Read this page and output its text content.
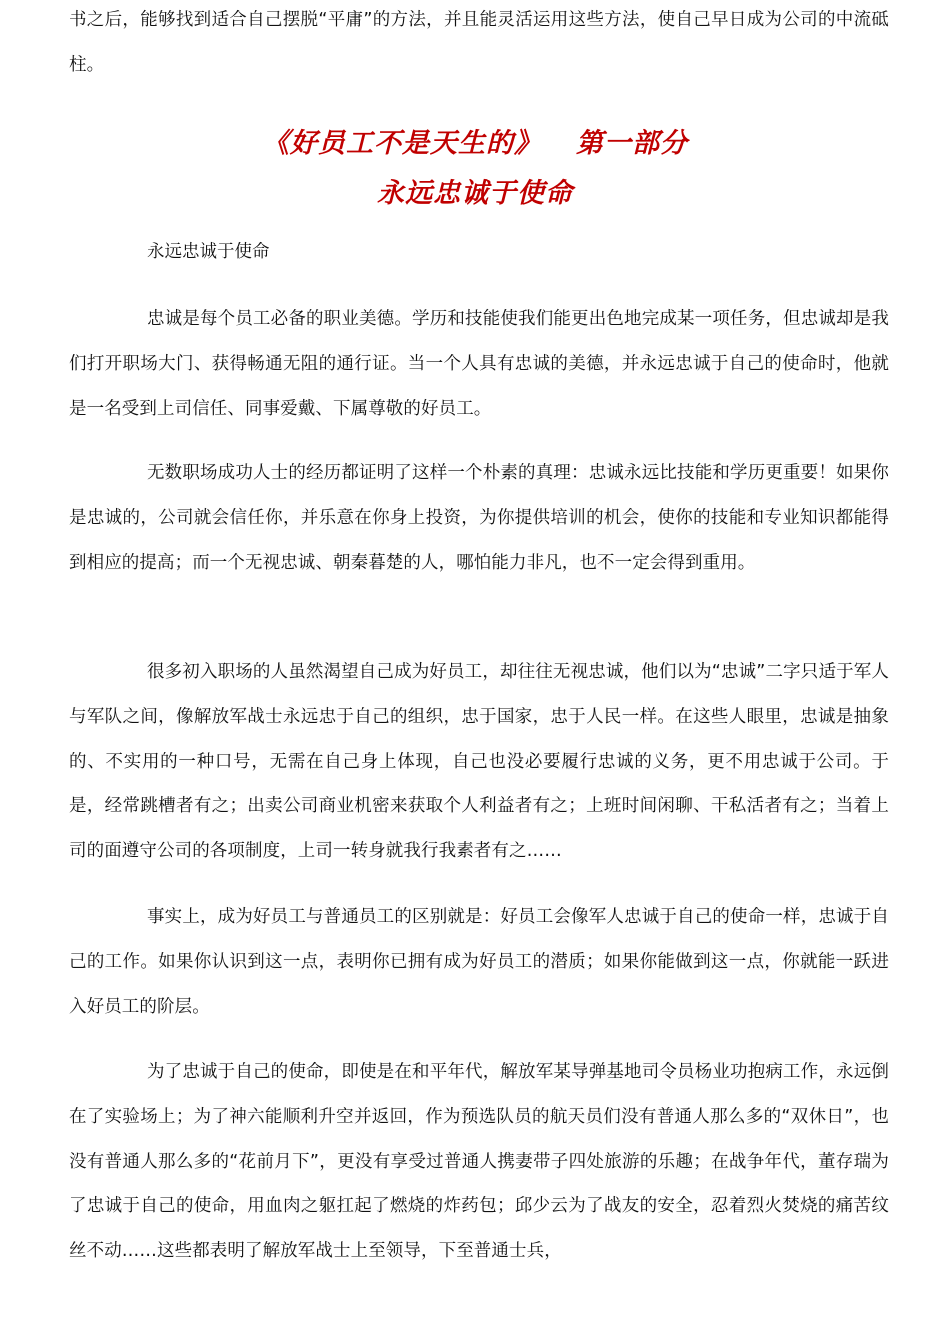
书之后，能够找到适合自己摆脱“平庸”的方法，并且能灵活运用这些方法，使自己早日成为公司的中流砥柱。

《好员工不是天生的》 第一部分
永远忠诚于使命

永远忠诚于使命

忠诚是每个员工必备的职业美德。学历和技能使我们能更出色地完成某一项任务，但忠诚却是我们打开职场大门、获得畅通无阻的通行证。当一个人具有忠诚的美德，并永远忠诚于自己的使命时，他就是一名受到上司信任、同事爱戴、下属尊敬的好员工。

无数职场成功人士的经历都证明了这样一个朴素的真理：忠诚永远比技能和学历更重要！如果你是忠诚的，公司就会信任你，并乐意在你身上投资，为你提供培训的机会，使你的技能和专业知识都能得到相应的提高；而一个无视忠诚、朝秦暮楚的人，哪怕能力非凡，也不一定会得到重用。

很多初入职场的人虽然渴望自己成为好员工，却往往无视忠诚，他们以为“忠诚”二字只适于军人与军队之间，像解放军战士永远忠于自己的组织，忠于国家，忠于人民一样。在这些人眼里，忠诚是抽象的、不实用的一种口号，无需在自己身上体现，自己也没必要履行忠诚的义务，更不用忠诚于公司。于是，经常跳槽者有之；出卖公司商业机密来获取个人利益者有之；上班时间闲聊、干私活者有之；当着上司的面遵守公司的各项制度，上司一转身就我行我素者有之……

事实上，成为好员工与普通员工的区别就是：好员工会像军人忠诚于自己的使命一样，忠诚于自己的工作。如果你认识到这一点，表明你已拥有成为好员工的潜质；如果你能做到这一点，你就能一跃进入好员工的阶层。

为了忠诚于自己的使命，即使是在和平年代，解放军某导弹基地司令员杨业功抱病工作，永远倒在了实验场上；为了神六能顺利升空并返回，作为预选队员的航天员们没有普通人那么多的“双休日”，也没有普通人那么多的“花前月下”，更没有享受过普通人携妻带子四处旅游的乐趣；在战争年代，董存瑞为了忠诚于自己的使命，用血肉之躯扛起了燃烧的炸药包；邱少云为了战友的安全，忍着烈火焚烧的痛苦纹丝不动……这些都表明了解放军战士上至领导，下至普通士兵，
